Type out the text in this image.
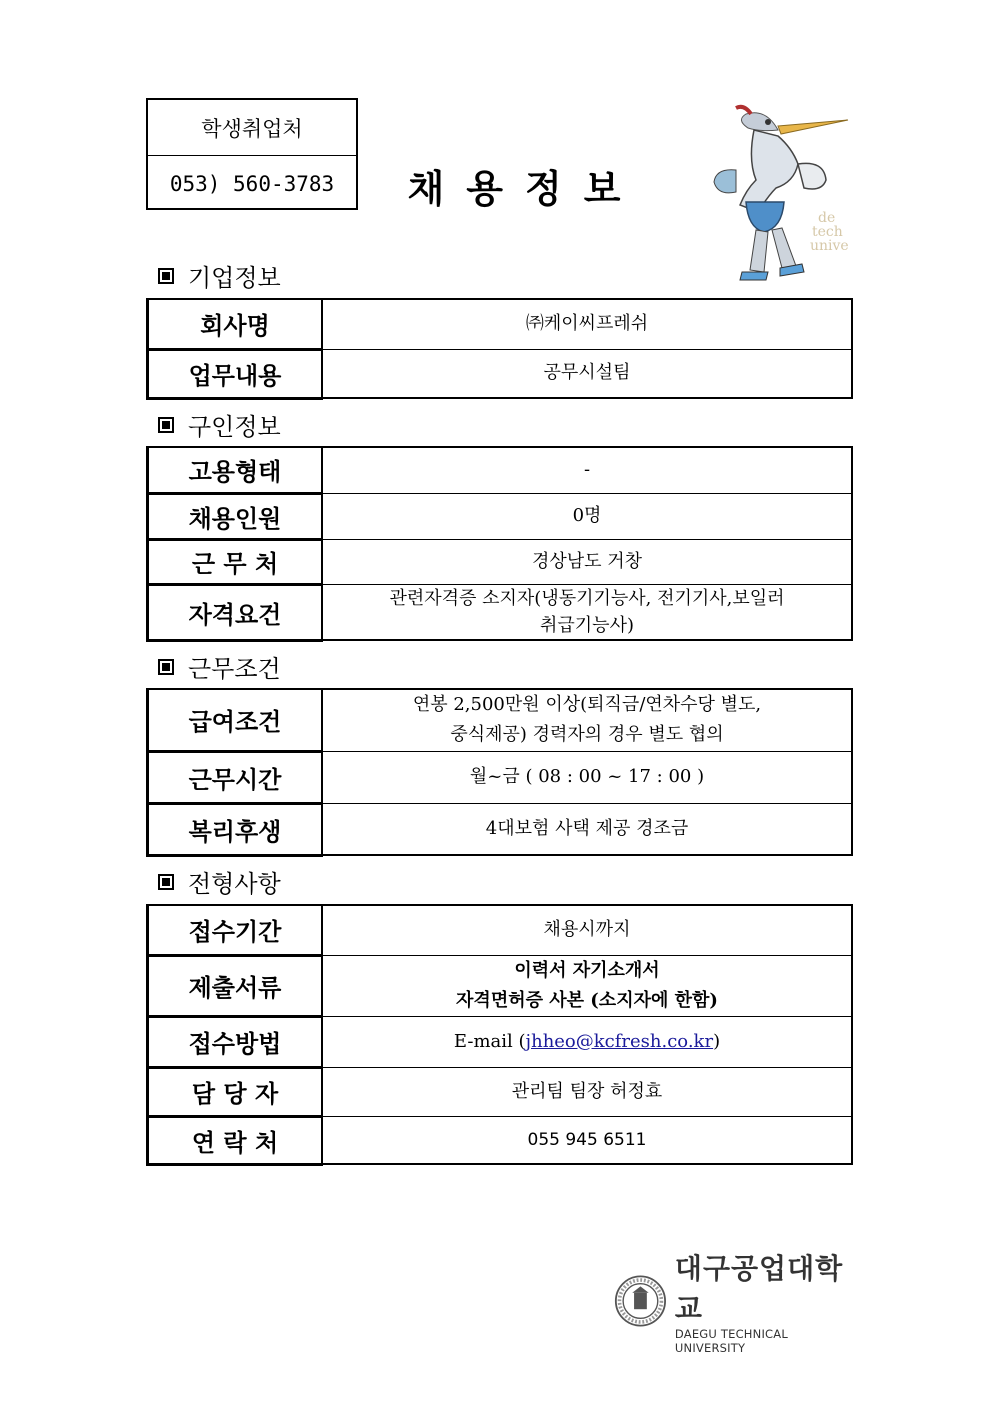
학생취업처
053) 560-3783	채용정보
de
tech
unive
기업정보
회사명	㈜케이씨프레쉬
업무내용	공무시설팀
구인정보
고용형태	-
채용인원	0명
근 무 처	경상남도 거창
자격요건	관련자격증 소지자(냉동기기능사, 전기기사,보일러
취급기능사)
근무조건
급여조건	연봉 2,500만원 이상(퇴직금/연차수당 별도,
중식제공) 경력자의 경우 별도 협의

근무시간	월~금 ( 08 : 00 ~ 17 : 00 )
복리후생	4대보험 사택 제공 경조금
전형사항
접수기간	채용시까지
제출서류	이력서 자기소개서
자격면허증 사본 (소지자에 한함)

접수방법	E-mail (jhheo@kcfresh.co.kr)
담 당 자	관리팀 팀장 허정효
연 락 처	055 945 6511
대구공업대학교
DAEGU TECHNICAL UNIVERSITY
